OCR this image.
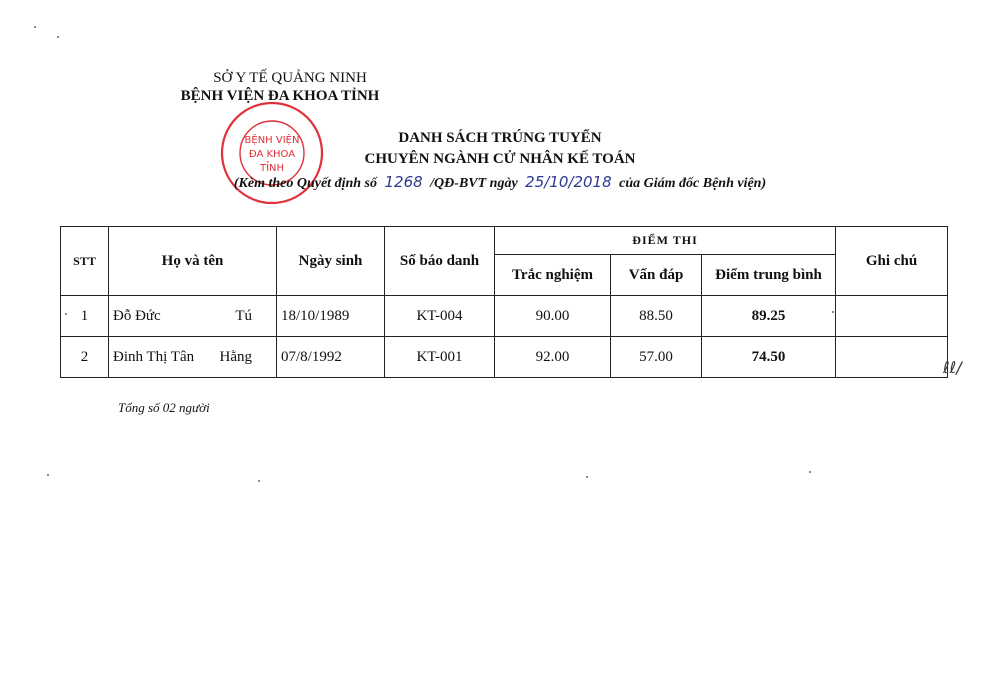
SỞ Y TẾ QUẢNG NINH
BỆNH VIỆN ĐA KHOA TỈNH
BỆNH VIỆN
ĐA KHOA
TỈNH
DANH SÁCH TRÚNG TUYỂN
CHUYÊN NGÀNH CỬ NHÂN KẾ TOÁN
(Kèm theo Quyết định số 1268 /QĐ-BVT ngày 25/10/2018 của Giám đốc Bệnh viện)
STT	Họ và tên	Ngày sinh	Số báo danh	ĐIỂM THI			Ghi chú
				Trắc nghiệm	Vấn đáp	Điểm trung bình	
1	Đỗ Đức Tú	18/10/1989	KT-004	90.00	88.50	89.25	
2	Đinh Thị Tân Hằng	07/8/1992	KT-001	92.00	57.00	74.50	
ℓℓ/
Tổng số 02 người
